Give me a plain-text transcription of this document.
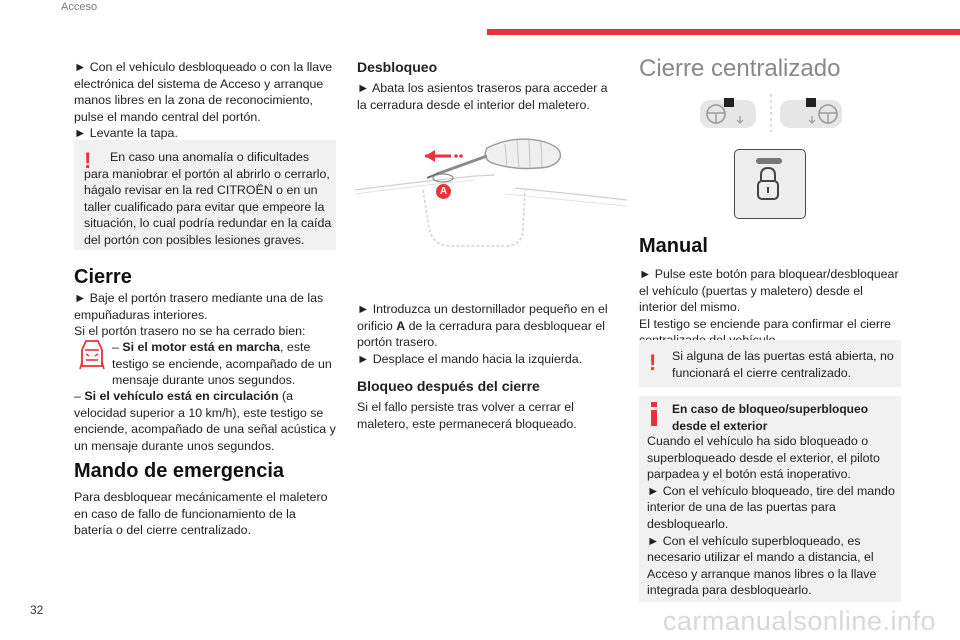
Acceso
32	carmanualsonline.info

► Con el vehículo desbloqueado o con la llave electrónica del sistema de Acceso y arranque manos libres en la zona de reconocimiento, pulse el mando central del portón.

► Levante la tapa.

!	En caso una anomalía o dificultades para maniobrar el portón al abrirlo o cerrarlo, hágalo revisar en la red CITROËN o en un taller cualificado para evitar que empeore la situación, lo cual podría redundar en la caída del portón con posibles lesiones graves.

Cierre

► Baje el portón trasero mediante una de las empuñaduras interiores.

Si el portón trasero no se ha cerrado bien:

– Si el motor está en marcha, este testigo se enciende, acompañado de un mensaje durante unos segundos.

– Si el vehículo está en circulación (a velocidad superior a 10 km/h), este testigo se enciende, acompañado de una señal acústica y un mensaje durante unos segundos.

Mando de emergencia

Para desbloquear mecánicamente el maletero en caso de fallo de funcionamiento de la batería o del cierre centralizado.

Desbloqueo

► Abata los asientos traseros para acceder a la cerradura desde el interior del maletero.

A

► Introduzca un destornillador pequeño en el orificio A de la cerradura para desbloquear el portón trasero.

► Desplace el mando hacia la izquierda.

Bloqueo después del cierre

Si el fallo persiste tras volver a cerrar el maletero, este permanecerá bloqueado.

Cierre centralizado
Manual

► Pulse este botón para bloquear/desbloquear el vehículo (puertas y maletero) desde el interior del mismo.

El testigo se enciende para confirmar el cierre

! Si alguna de las puertas está abierta, no funcionará el cierre centralizado.

En caso de bloqueo/superbloqueo desde el exterior

Cuando el vehículo ha sido bloqueado o superbloqueado desde el exterior, el piloto parpadea y el botón está inoperativo.

► Con el vehículo bloqueado, tire del mando interior de una de las puertas para desbloquearlo.

► Con el vehículo superbloqueado, es necesario utilizar el mando a distancia, el Acceso y arranque manos libres o la llave integrada para desbloquearlo.
